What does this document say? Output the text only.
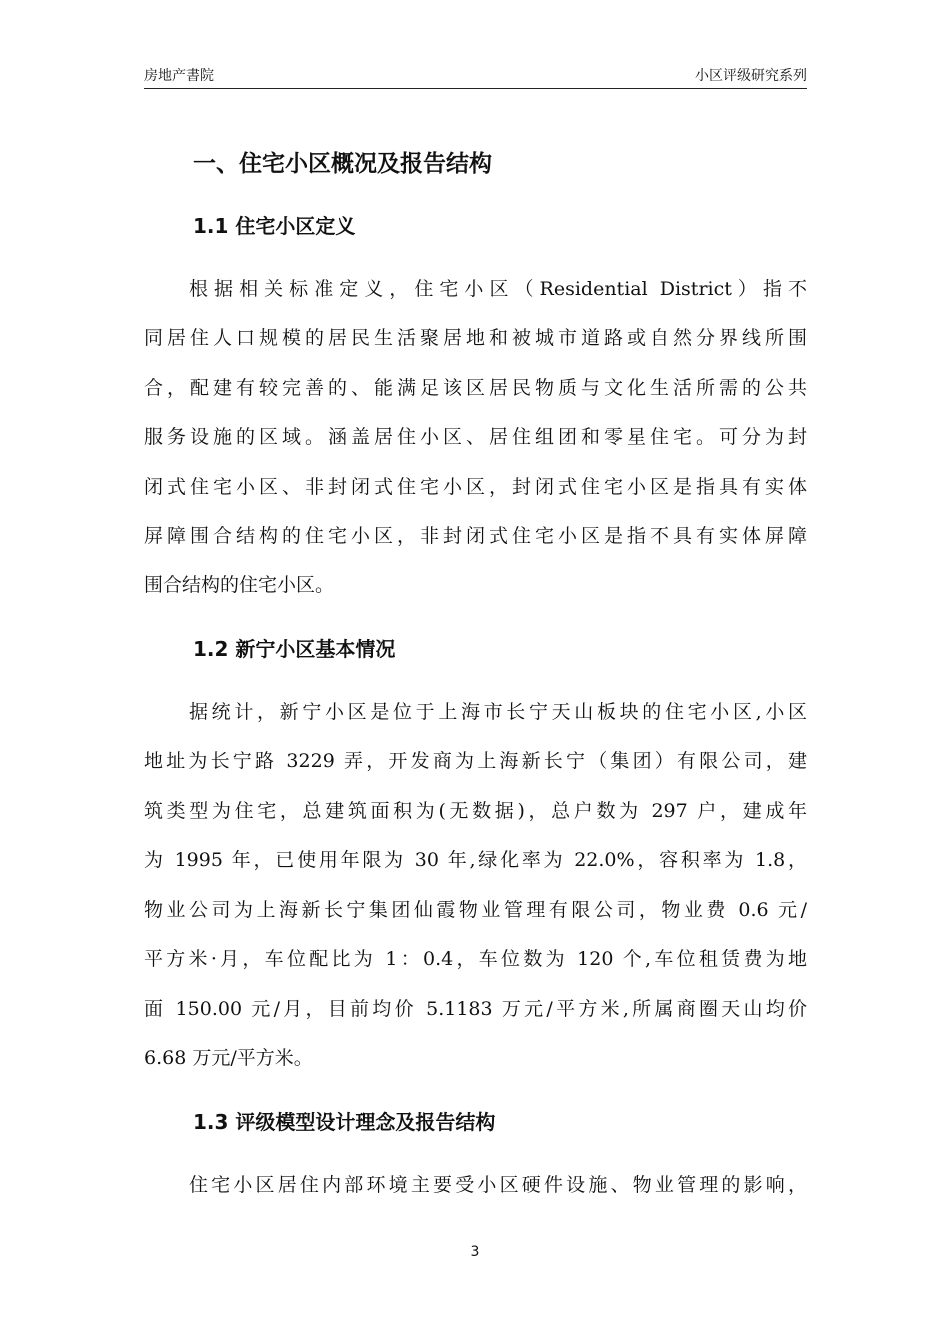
房地产書院	小区评级研究系列
一、住宅小区概况及报告结构
1.1 住宅小区定义
根据相关标准定义，住宅小区（Residential District）指不
同居住人口规模的居民生活聚居地和被城市道路或自然分界线所围
合，配建有较完善的、能满足该区居民物质与文化生活所需的公共
服务设施的区域。涵盖居住小区、居住组团和零星住宅。可分为封
闭式住宅小区、非封闭式住宅小区，封闭式住宅小区是指具有实体
屏障围合结构的住宅小区，非封闭式住宅小区是指不具有实体屏障
围合结构的住宅小区。
1.2 新宁小区基本情况
据统计，新宁小区是位于上海市长宁天山板块的住宅小区,小区
地址为长宁路 3229 弄，开发商为上海新长宁（集团）有限公司，建
筑类型为住宅，总建筑面积为(无数据)，总户数为 297 户，建成年
为 1995 年，已使用年限为 30 年,绿化率为 22.0%，容积率为 1.8，
物业公司为上海新长宁集团仙霞物业管理有限公司，物业费 0.6 元/
平方米·月，车位配比为 1：0.4，车位数为 120 个,车位租赁费为地
面 150.00 元/月，目前均价 5.1183 万元/平方米,所属商圈天山均价
6.68 万元/平方米。
1.3 评级模型设计理念及报告结构
住宅小区居住内部环境主要受小区硬件设施、物业管理的影响，
3
